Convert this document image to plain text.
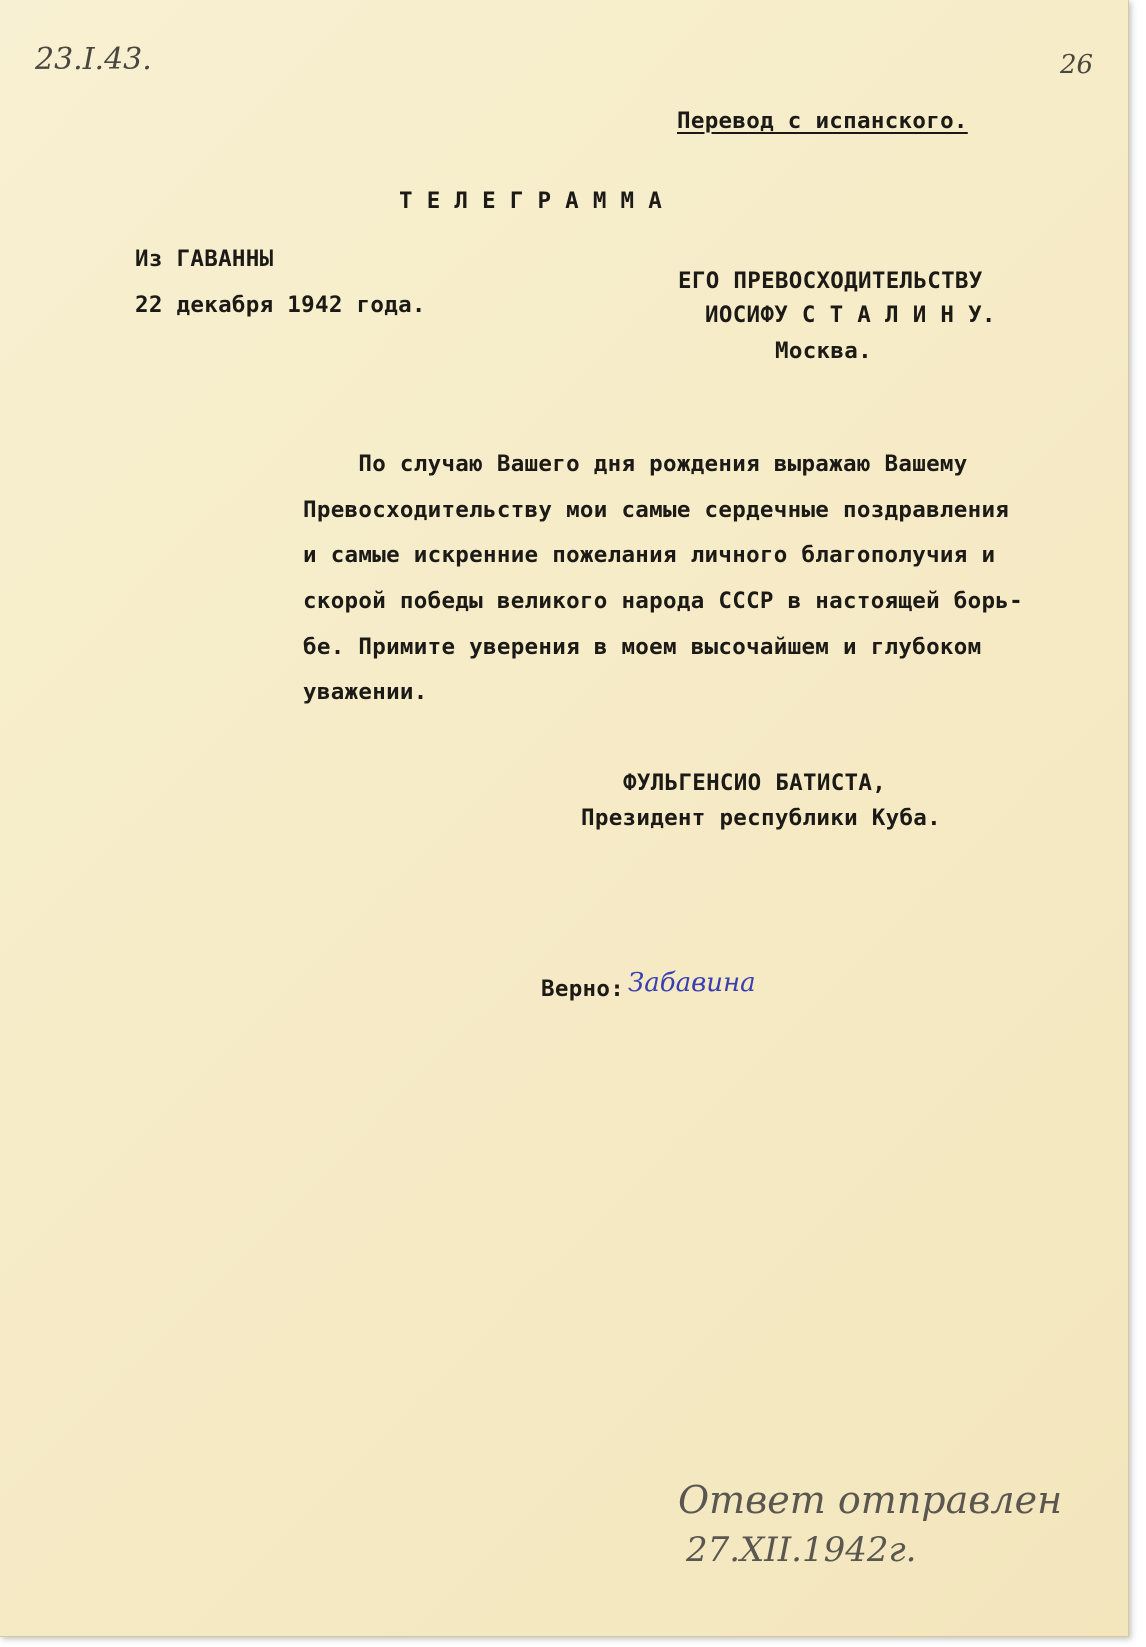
23.I.43.	26
Перевод с испанского.
Т Е Л Е Г Р А М М А
Из ГАВАННЫ
22 декабря 1942 года.
ЕГО ПРЕВОСХОДИТЕЛЬСТВУ
ИОСИФУ С Т А Л И Н У.
Москва.
По случаю Вашего дня рождения выражаю Вашему
Превосходительству мои самые сердечные поздравления
и самые искренние пожелания личного благополучия и
скорой победы великого народа СССР в настоящей борь-
бе. Примите уверения в моем высочайшем и глубоком
уважении.
ФУЛЬГЕНСИО БАТИСТА,
Президент республики Куба.
Верно: Забавина
Ответ отправлен
27.XII.1942г.
